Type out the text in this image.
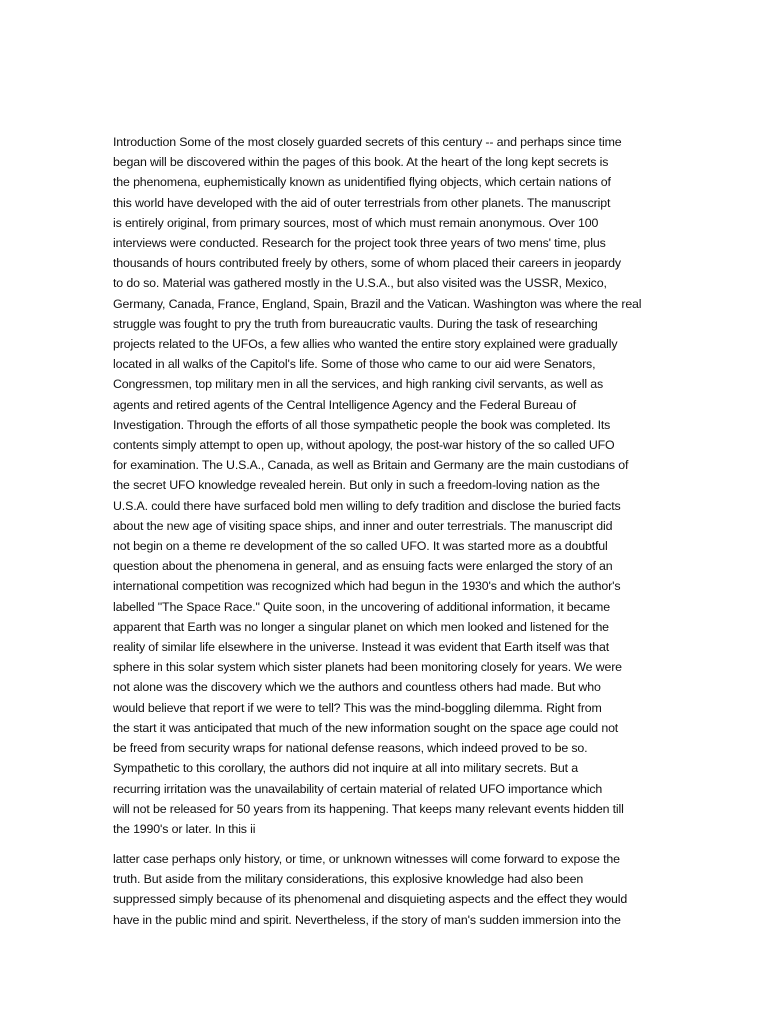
Introduction Some of the most closely guarded secrets of this century -- and perhaps since time
began will be discovered within the pages of this book. At the heart of the long kept secrets is
the phenomena, euphemistically known as unidentified flying objects, which certain nations of
this world have developed with the aid of outer terrestrials from other planets. The manuscript
is entirely original, from primary sources, most of which must remain anonymous. Over 100
interviews were conducted. Research for the project took three years of two mens' time, plus
thousands of hours contributed freely by others, some of whom placed their careers in jeopardy
to do so. Material was gathered mostly in the U.S.A., but also visited was the USSR, Mexico,
Germany, Canada, France, England, Spain, Brazil and the Vatican. Washington was where the real
struggle was fought to pry the truth from bureaucratic vaults. During the task of researching
projects related to the UFOs, a few allies who wanted the entire story explained were gradually
located in all walks of the Capitol's life. Some of those who came to our aid were Senators,
Congressmen, top military men in all the services, and high ranking civil servants, as well as
agents and retired agents of the Central Intelligence Agency and the Federal Bureau of
Investigation. Through the efforts of all those sympathetic people the book was completed. Its
contents simply attempt to open up, without apology, the post-war history of the so called UFO
for examination. The U.S.A., Canada, as well as Britain and Germany are the main custodians of
the secret UFO knowledge revealed herein. But only in such a freedom-loving nation as the
U.S.A. could there have surfaced bold men willing to defy tradition and disclose the buried facts
about the new age of visiting space ships, and inner and outer terrestrials. The manuscript did
not begin on a theme re development of the so called UFO. It was started more as a doubtful
question about the phenomena in general, and as ensuing facts were enlarged the story of an
international competition was recognized which had begun in the 1930's and which the author's
labelled "The Space Race." Quite soon, in the uncovering of additional information, it became
apparent that Earth was no longer a singular planet on which men looked and listened for the
reality of similar life elsewhere in the universe. Instead it was evident that Earth itself was that
sphere in this solar system which sister planets had been monitoring closely for years. We were
not alone was the discovery which we the authors and countless others had made. But who
would believe that report if we were to tell? This was the mind-boggling dilemma. Right from
the start it was anticipated that much of the new information sought on the space age could not
be freed from security wraps for national defense reasons, which indeed proved to be so.
Sympathetic to this corollary, the authors did not inquire at all into military secrets. But a
recurring irritation was the unavailability of certain material of related UFO importance which
will not be released for 50 years from its happening. That keeps many relevant events hidden till
the 1990's or later. In this ii
latter case perhaps only history, or time, or unknown witnesses will come forward to expose the
truth. But aside from the military considerations, this explosive knowledge had also been
suppressed simply because of its phenomenal and disquieting aspects and the effect they would
have in the public mind and spirit. Nevertheless, if the story of man's sudden immersion into the
